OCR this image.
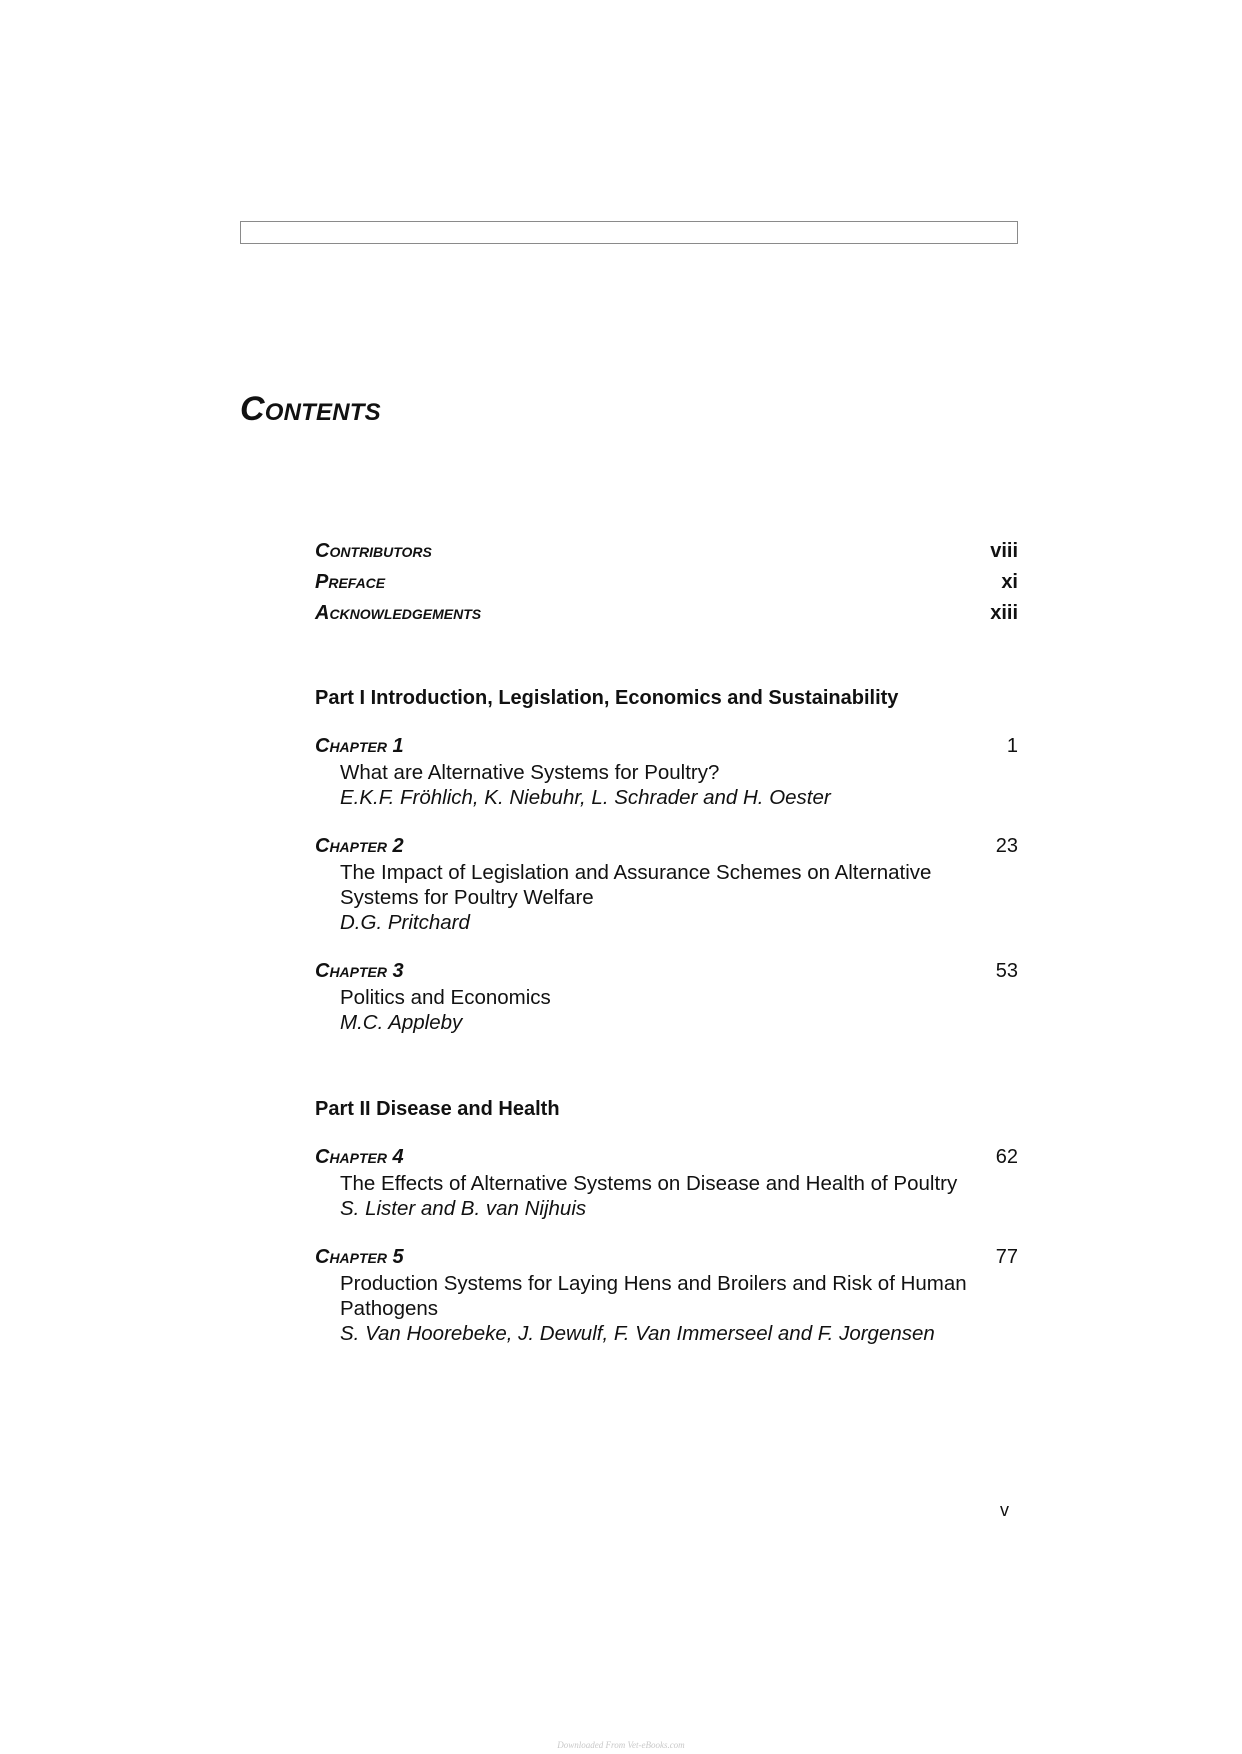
Contents
Contributors	viii
Preface	xi
Acknowledgements	xiii
Part I Introduction, Legislation, Economics and Sustainability
Chapter 1	1
What are Alternative Systems for Poultry?
E.K.F. Fröhlich, K. Niebuhr, L. Schrader and H. Oester
Chapter 2	23
The Impact of Legislation and Assurance Schemes on Alternative Systems for Poultry Welfare
D.G. Pritchard
Chapter 3	53
Politics and Economics
M.C. Appleby
Part II Disease and Health
Chapter 4	62
The Effects of Alternative Systems on Disease and Health of Poultry
S. Lister and B. van Nijhuis
Chapter 5	77
Production Systems for Laying Hens and Broilers and Risk of Human Pathogens
S. Van Hoorebeke, J. Dewulf, F. Van Immerseel and F. Jorgensen
v
Downloaded From Vet-eBooks.com
